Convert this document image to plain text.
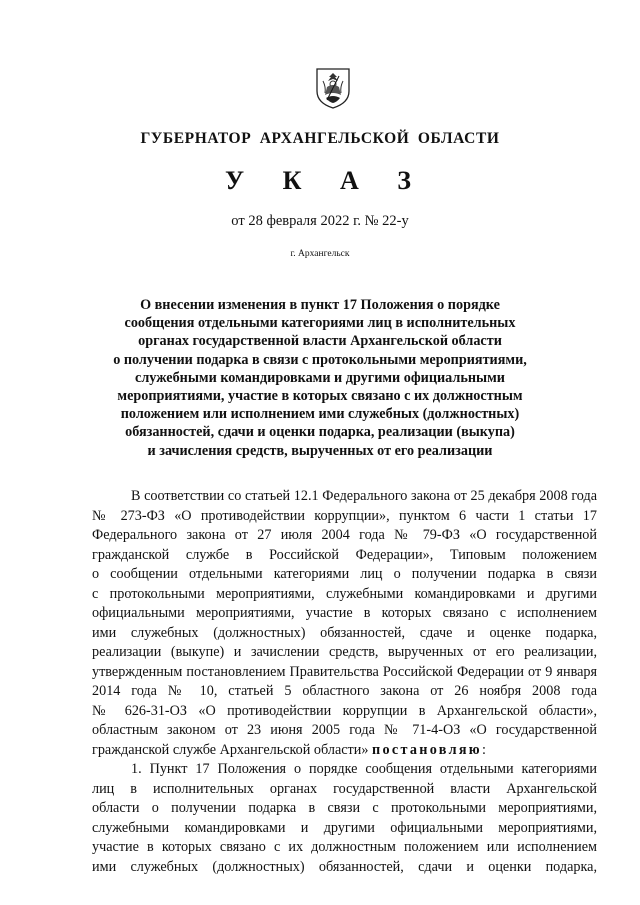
ГУБЕРНАТОР АРХАНГЕЛЬСКОЙ ОБЛАСТИ
У К А З
от 28 февраля 2022 г. № 22-у
г. Архангельск
О внесении изменения в пункт 17 Положения о порядке
сообщения отдельными категориями лиц в исполнительных
органах государственной власти Архангельской области
о получении подарка в связи с протокольными мероприятиями,
служебными командировками и другими официальными
мероприятиями, участие в которых связано с их должностным
положением или исполнением ими служебных (должностных)
обязанностей, сдачи и оценки подарка, реализации (выкупа)
и зачисления средств, вырученных от его реализации
В соответствии со статьей 12.1 Федерального закона от 25 декабря 2008 года
№ 273-ФЗ «О противодействии коррупции», пунктом 6 части 1 статьи 17
Федерального закона от 27 июля 2004 года № 79-ФЗ «О государственной
гражданской службе в Российской Федерации», Типовым положением
о сообщении отдельными категориями лиц о получении подарка в связи
с протокольными мероприятиями, служебными командировками и другими
официальными мероприятиями, участие в которых связано с исполнением
ими служебных (должностных) обязанностей, сдаче и оценке подарка,
реализации (выкупе) и зачислении средств, вырученных от его реализации,
утвержденным постановлением Правительства Российской Федерации от 9 января
2014 года № 10, статьей 5 областного закона от 26 ноября 2008 года
№ 626-31-ОЗ «О противодействии коррупции в Архангельской области»,
областным законом от 23 июня 2005 года № 71-4-ОЗ «О государственной
гражданской службе Архангельской области» постановляю:
1. Пункт 17 Положения о порядке сообщения отдельными категориями
лиц в исполнительных органах государственной власти Архангельской
области о получении подарка в связи с протокольными мероприятиями,
служебными командировками и другими официальными мероприятиями,
участие в которых связано с их должностным положением или исполнением
ими служебных (должностных) обязанностей, сдачи и оценки подарка,
